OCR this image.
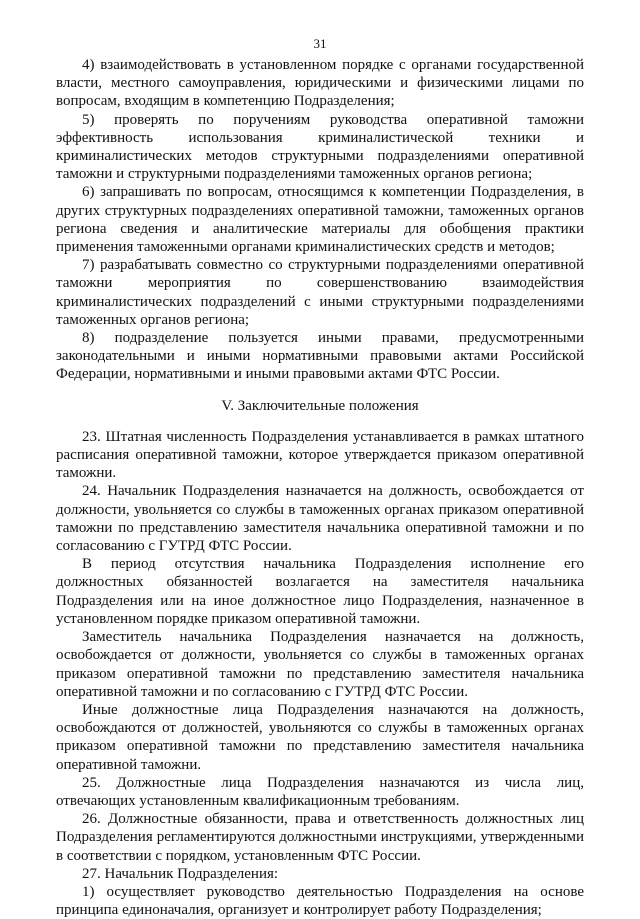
31

4) взаимодействовать в установленном порядке с органами государственной власти, местного самоуправления, юридическими и физическими лицами по вопросам, входящим в компетенцию Подразделения;

5) проверять по поручениям руководства оперативной таможни эффективность использования криминалистической техники и криминалистических методов структурными подразделениями оперативной таможни и структурными подразделениями таможенных органов региона;

6) запрашивать по вопросам, относящимся к компетенции Подразделения, в других структурных подразделениях оперативной таможни, таможенных органов региона сведения и аналитические материалы для обобщения практики применения таможенными органами криминалистических средств и методов;

7) разрабатывать совместно со структурными подразделениями оперативной таможни мероприятия по совершенствованию взаимодействия криминалистических подразделений с иными структурными подразделениями таможенных органов региона;

8) подразделение пользуется иными правами, предусмотренными законодательными и иными нормативными правовыми актами Российской Федерации, нормативными и иными правовыми актами ФТС России.

V. Заключительные положения

23. Штатная численность Подразделения устанавливается в рамках штатного расписания оперативной таможни, которое утверждается приказом оперативной таможни.

24. Начальник Подразделения назначается на должность, освобождается от должности, увольняется со службы в таможенных органах приказом оперативной таможни по представлению заместителя начальника оперативной таможни и по согласованию с ГУТРД ФТС России.

В период отсутствия начальника Подразделения исполнение его должностных обязанностей возлагается на заместителя начальника Подразделения или на иное должностное лицо Подразделения, назначенное в установленном порядке приказом оперативной таможни.

Заместитель начальника Подразделения назначается на должность, освобождается от должности, увольняется со службы в таможенных органах приказом оперативной таможни по представлению заместителя начальника оперативной таможни и по согласованию с ГУТРД ФТС России.

Иные должностные лица Подразделения назначаются на должность, освобождаются от должностей, увольняются со службы в таможенных органах приказом оперативной таможни по представлению заместителя начальника оперативной таможни.

25. Должностные лица Подразделения назначаются из числа лиц, отвечающих установленным квалификационным требованиям.

26. Должностные обязанности, права и ответственность должностных лиц Подразделения регламентируются должностными инструкциями, утвержденными в соответствии с порядком, установленным ФТС России.

27. Начальник Подразделения:

1) осуществляет руководство деятельностью Подразделения на основе принципа единоначалия, организует и контролирует работу Подразделения;
